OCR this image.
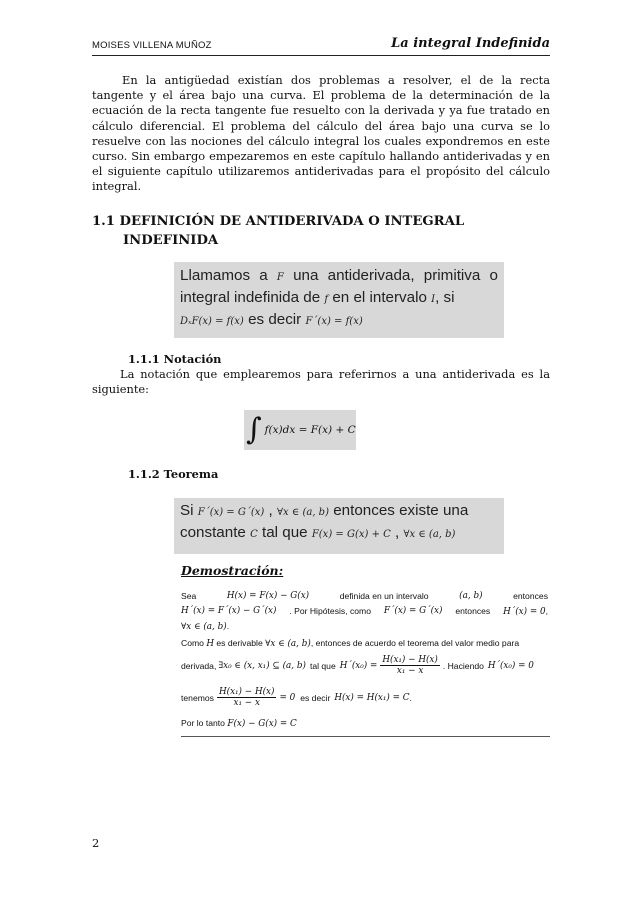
MOISES VILLENA MUÑOZ	La integral Indefinida

En la antigüedad existían dos problemas a resolver, el de la recta tangente y el área bajo una curva. El problema de la determinación de la ecuación de la recta tangente fue resuelto con la derivada y ya fue tratado en cálculo diferencial. El problema del cálculo del área bajo una curva se lo resuelve con las nociones del cálculo integral los cuales expondremos en este curso. Sin embargo empezaremos en este capítulo hallando antiderivadas y en el siguiente capítulo utilizaremos antiderivadas para el propósito del cálculo integral.

1.1 DEFINICIÓN DE ANTIDERIVADA O INTEGRAL
INDEFINIDA
Llamamos a F una antiderivada, primitiva o integral indefinida de f en el intervalo I, si
DₓF(x) = f(x) es decir F´(x) = f(x)
1.1.1 Notación

La notación que emplearemos para referirnos a una antiderivada es la siguiente:

∫ f(x)dx = F(x) + C
1.1.2 Teorema
Si F´(x) = G´(x) , ∀x ∈ (a, b) entonces existe una
constante C tal que F(x) = G(x) + C , ∀x ∈ (a, b)
Demostración:
Sea	H(x) = F(x) − G(x)	definida en un intervalo	(a, b)	entonces
H´(x) = F´(x) − G´(x) . Por Hipótesis, como F´(x) = G´(x) entonces H´(x) = 0,
∀x ∈ (a, b).
Como H es derivable ∀x ∈ (a, b), entonces de acuerdo el teorema del valor medio para
derivada, ∃x₀ ∈ (x, x₁) ⊆ (a, b) tal que H´(x₀) = $\frac{\text{H(x₁) − H(x)}}{\text{x₁ − x}}$ . Haciendo H´(x₀) = 0
tenemos $\frac{\text{H(x₁) − H(x)}}{\text{x₁ − x}} = 0$ es decir H(x) = H(x₁) = C .
Por lo tanto F(x) − G(x) = C
2
